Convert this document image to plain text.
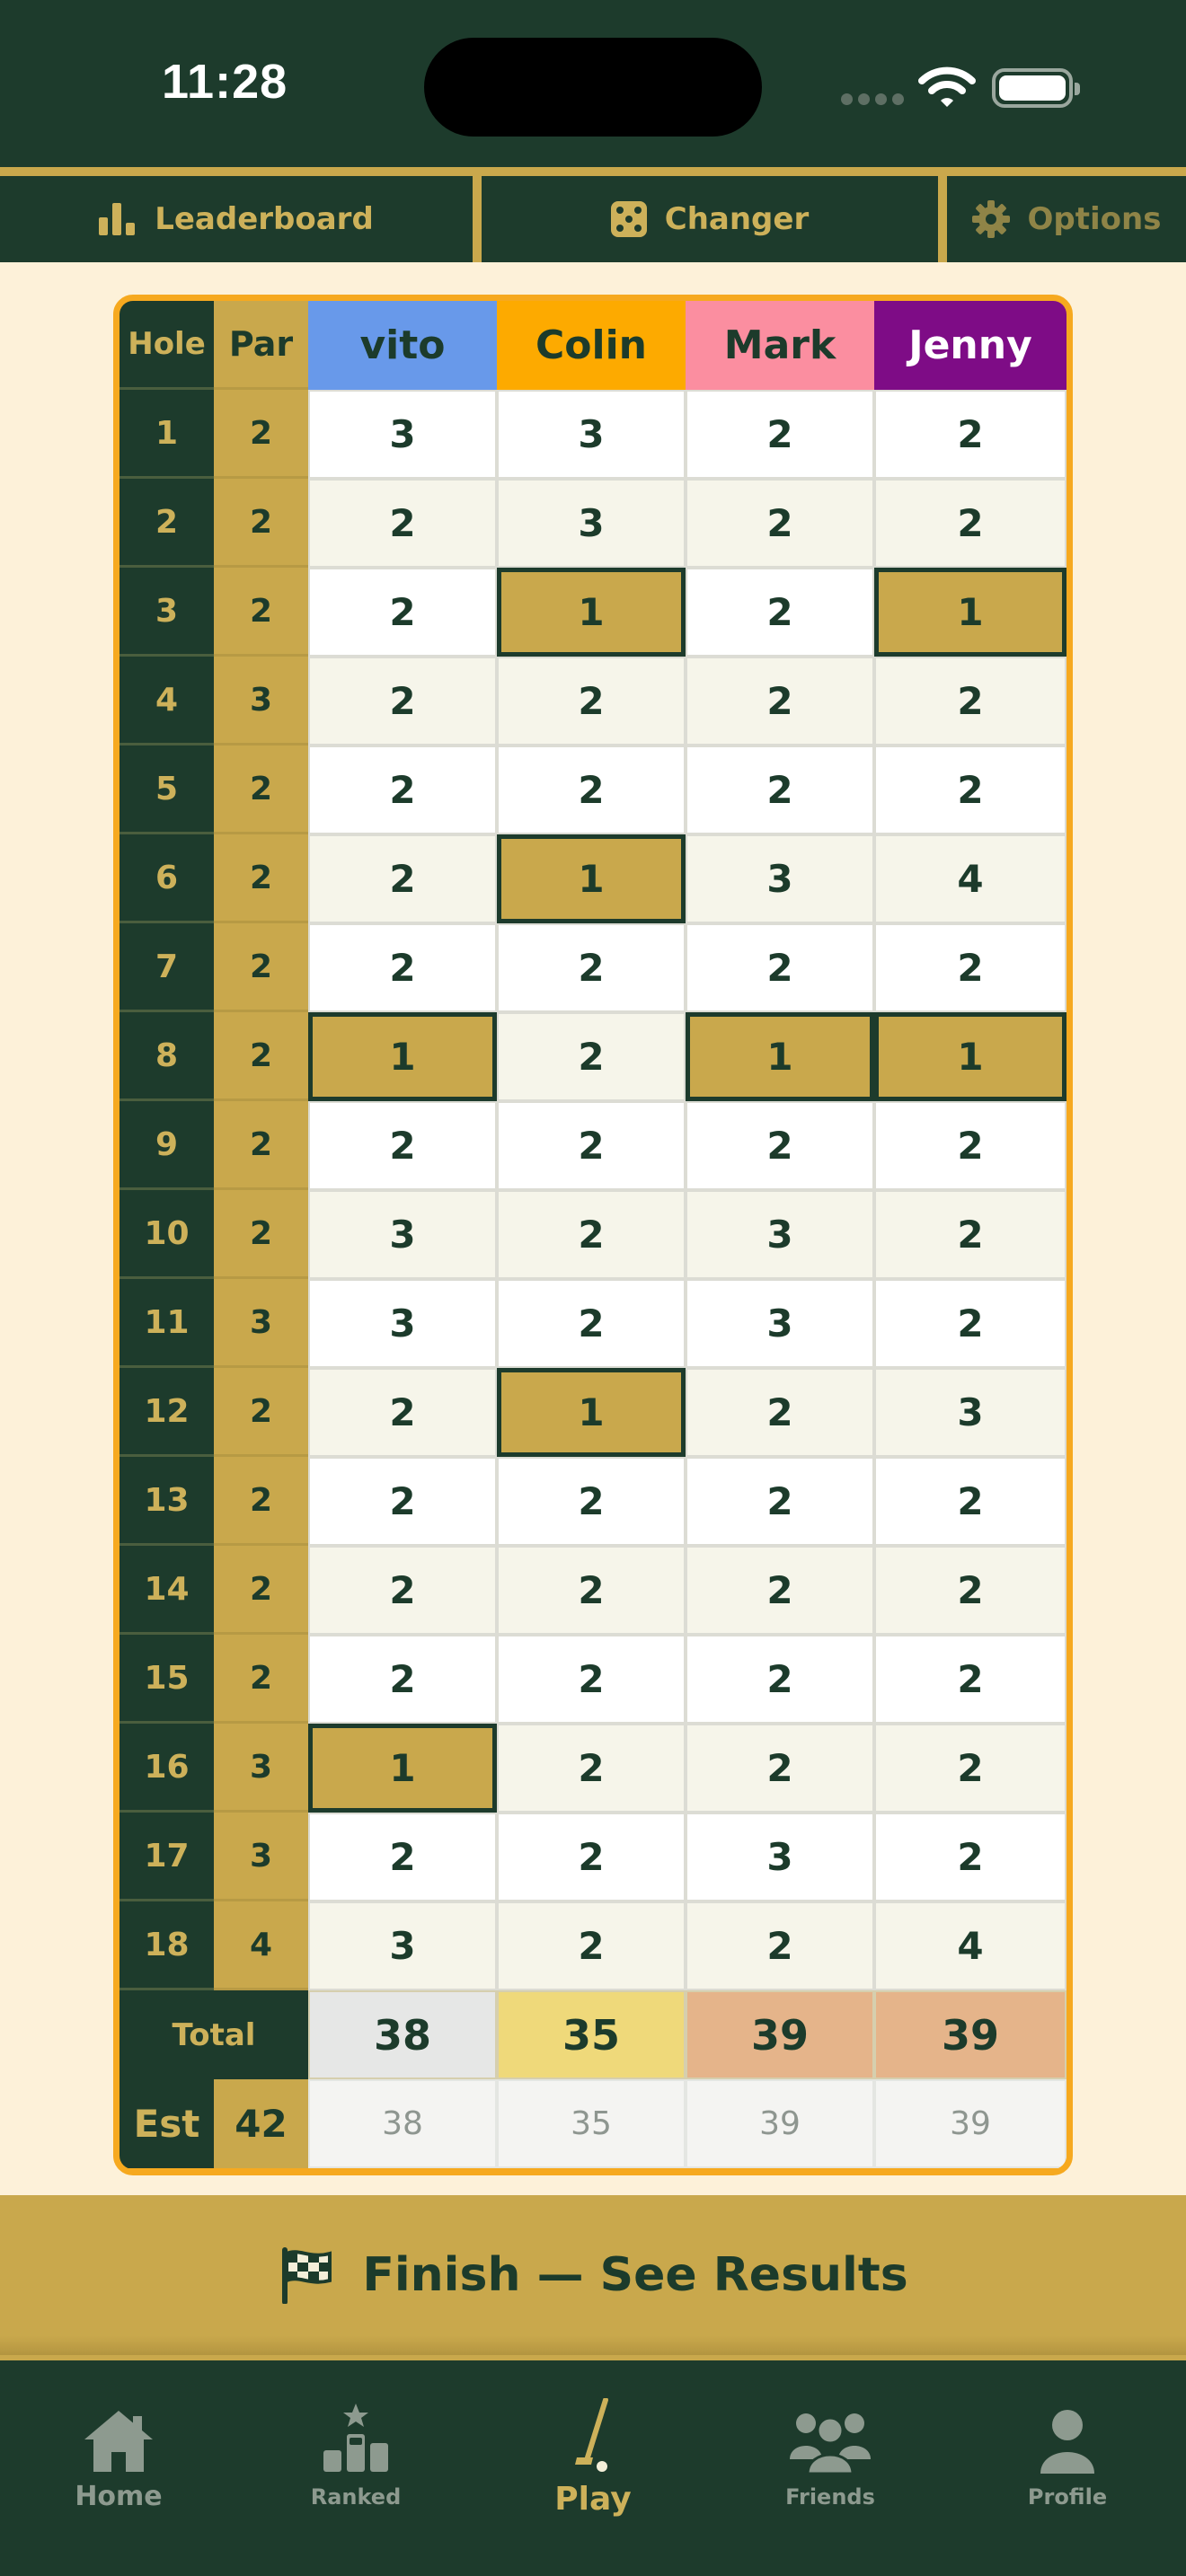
11:28
Leaderboard	Changer	Options
Hole Par	vito	Colin	Mark	Jenny
1	2	3	3	2	2
2	2	2	3	2	2
3	2	2	1	2	1
4	3	2	2	2	2
5	2	2	2	2	2
6	2	2	1	3	4
7	2	2	2	2	2
8	2	1	2	1	1
9	2	2	2	2	2
10	2	3	2	3	2
11	3	3	2	3	2
12	2	2	1	2	3
13	2	2	2	2	2
14	2	2	2	2	2
15	2	2	2	2	2
16	3	1	2	2	2
17	3	2	2	3	2
18	4	3	2	2	4
Total	38	35	39	39
Est 42	38	35	39	39
Finish — See Results
Home	Ranked	Play	Friends	Profile
